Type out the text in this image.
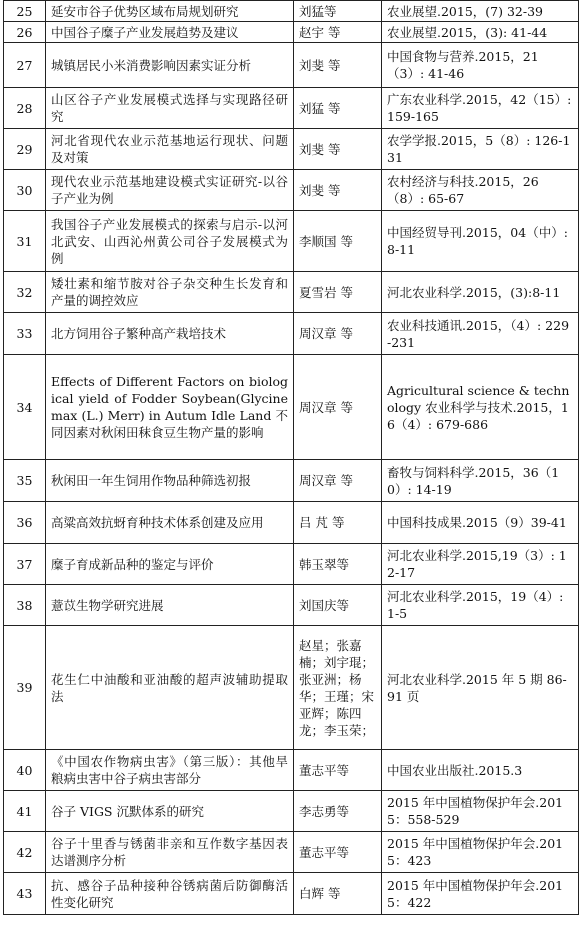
25	延安市谷子优势区域布局规划研究	刘猛等	农业展望.2015，(7) 32-39
26	中国谷子糜子产业发展趋势及建议	赵宇 等	农业展望.2015，(3): 41-44
27	城镇居民小米消费影响因素实证分析	刘斐 等	中国食物与营养.2015，21（3）: 41-46
28	山区谷子产业发展模式选择与实现路径研究	刘猛 等	广东农业科学.2015，42（15）: 159-165
29	河北省现代农业示范基地运行现状、问题及对策	刘斐 等	农学学报.2015，5（8）: 126-131
30	现代农业示范基地建设模式实证研究-以谷子产业为例	刘斐 等	农村经济与科技.2015，26（8）: 65-67
31	我国谷子产业发展模式的探索与启示-以河北武安、山西沁州黄公司谷子发展模式为例	李顺国 等	中国经贸导刊.2015，04（中）: 8-11
32	矮壮素和缩节胺对谷子杂交种生长发育和产量的调控效应	夏雪岩 等	河北农业科学.2015，(3):8-11
33	北方饲用谷子繁种高产栽培技术	周汉章 等	农业科技通讯.2015，（4）: 229-231
34	Effects of Different Factors on biological yield of Fodder Soybean(Glycine max (L.) Merr) in Autum Idle Land 不同因素对秋闲田秣食豆生物产量的影响	周汉章 等	Agricultural science & technology 农业科学与技术.2015，16（4）: 679-686
35	秋闲田一年生饲用作物品种筛选初报	周汉章 等	畜牧与饲料科学.2015，36（10）: 14-19
36	高粱高效抗蚜育种技术体系创建及应用	吕 芃 等	中国科技成果.2015（9）39-41
37	糜子育成新品种的鉴定与评价	韩玉翠等	河北农业科学.2015,19（3）: 12-17
38	薏苡生物学研究进展	刘国庆等	河北农业科学.2015，19（4）: 1-5
39	花生仁中油酸和亚油酸的超声波辅助提取法	赵星；张嘉楠；刘宇琨；张亚洲；杨华；王瑾；宋亚辉；陈四龙；李玉荣；	河北农业科学.2015 年 5 期 86-91 页
40	《中国农作物病虫害》（第三版）：其他旱粮病虫害中谷子病虫害部分	董志平等	中国农业出版社.2015.3
41	谷子 VIGS 沉默体系的研究	李志勇等	2015 年中国植物保护年会.2015：558-529
42	谷子十里香与锈菌非亲和互作数字基因表达谱测序分析	董志平等	2015 年中国植物保护年会.2015：423
43	抗、感谷子品种接种谷锈病菌后防御酶活性变化研究	白辉 等	2015 年中国植物保护年会.2015：422
